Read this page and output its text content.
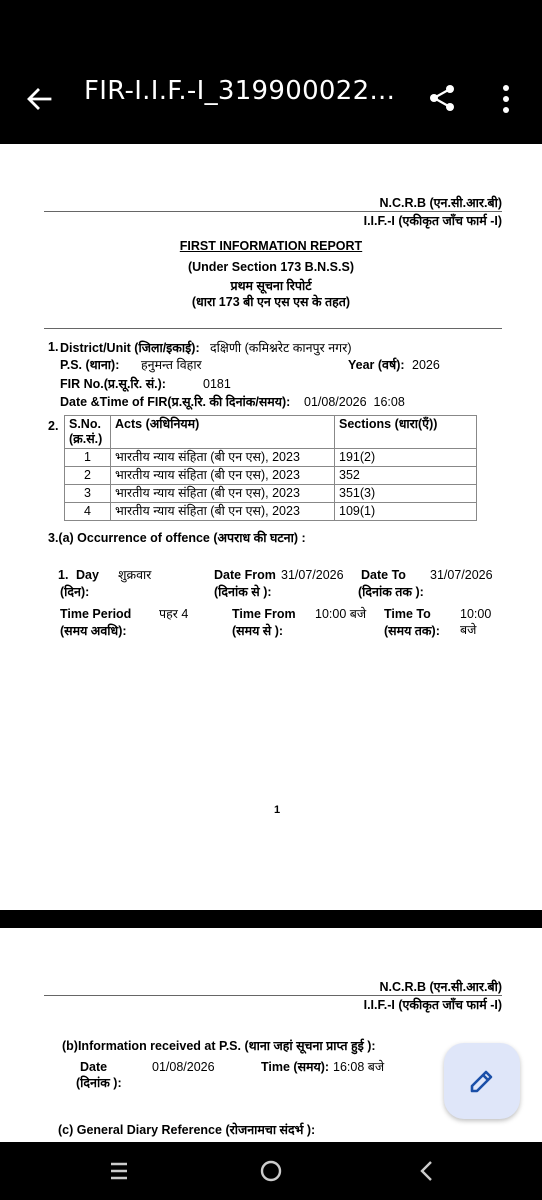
FIR-I.I.F.-I_319900022...
N.C.R.B (एन.सी.आर.बी)
I.I.F.-I (एकीकृत जाँच फार्म -I)
FIRST INFORMATION REPORT
(Under Section 173 B.N.S.S)
प्रथम सूचना रिपोर्ट
(धारा 173 बी एन एस एस के तहत)
1. District/Unit (जिला/इकाई): दक्षिणी (कमिश्नरेट कानपुर नगर)
P.S. (थाना): हनुमन्त विहार	Year (वर्ष): 2026
FIR No.(प्र.सू.रि. सं.):	0181
Date &Time of FIR(प्र.सू.रि. की दिनांक/समय): 01/08/2026  16:08
2. S.No.
(क्र.सं.)	Acts (अधिनियम)	Sections (धारा(एँ))
1	भारतीय न्याय संहिता (बी एन एस), 2023	191(2)
2	भारतीय न्याय संहिता (बी एन एस), 2023	352
3	भारतीय न्याय संहिता (बी एन एस), 2023	351(3)
4	भारतीय न्याय संहिता (बी एन एस), 2023	109(1)
3.(a) Occurrence of offence (अपराध की घटना) :
1. Day
(दिन):
शुक्रवार	Date From
(दिनांक से ):
31/07/2026 Date To
(दिनांक तक ):
31/07/2026
Time Period
(समय अवधि):
पहर 4	Time From
(समय से ):
10:00 बजे Time To
(समय तक):
10:00
बजे
1
N.C.R.B (एन.सी.आर.बी)
I.I.F.-I (एकीकृत जाँच फार्म -I)
(b)Information received at P.S. (थाना जहां सूचना प्राप्त हुई ):
Date
(दिनांक ):
01/08/2026	Time (समय): 16:08 बजे
(c) General Diary Reference (रोजनामचा संदर्भ ):
